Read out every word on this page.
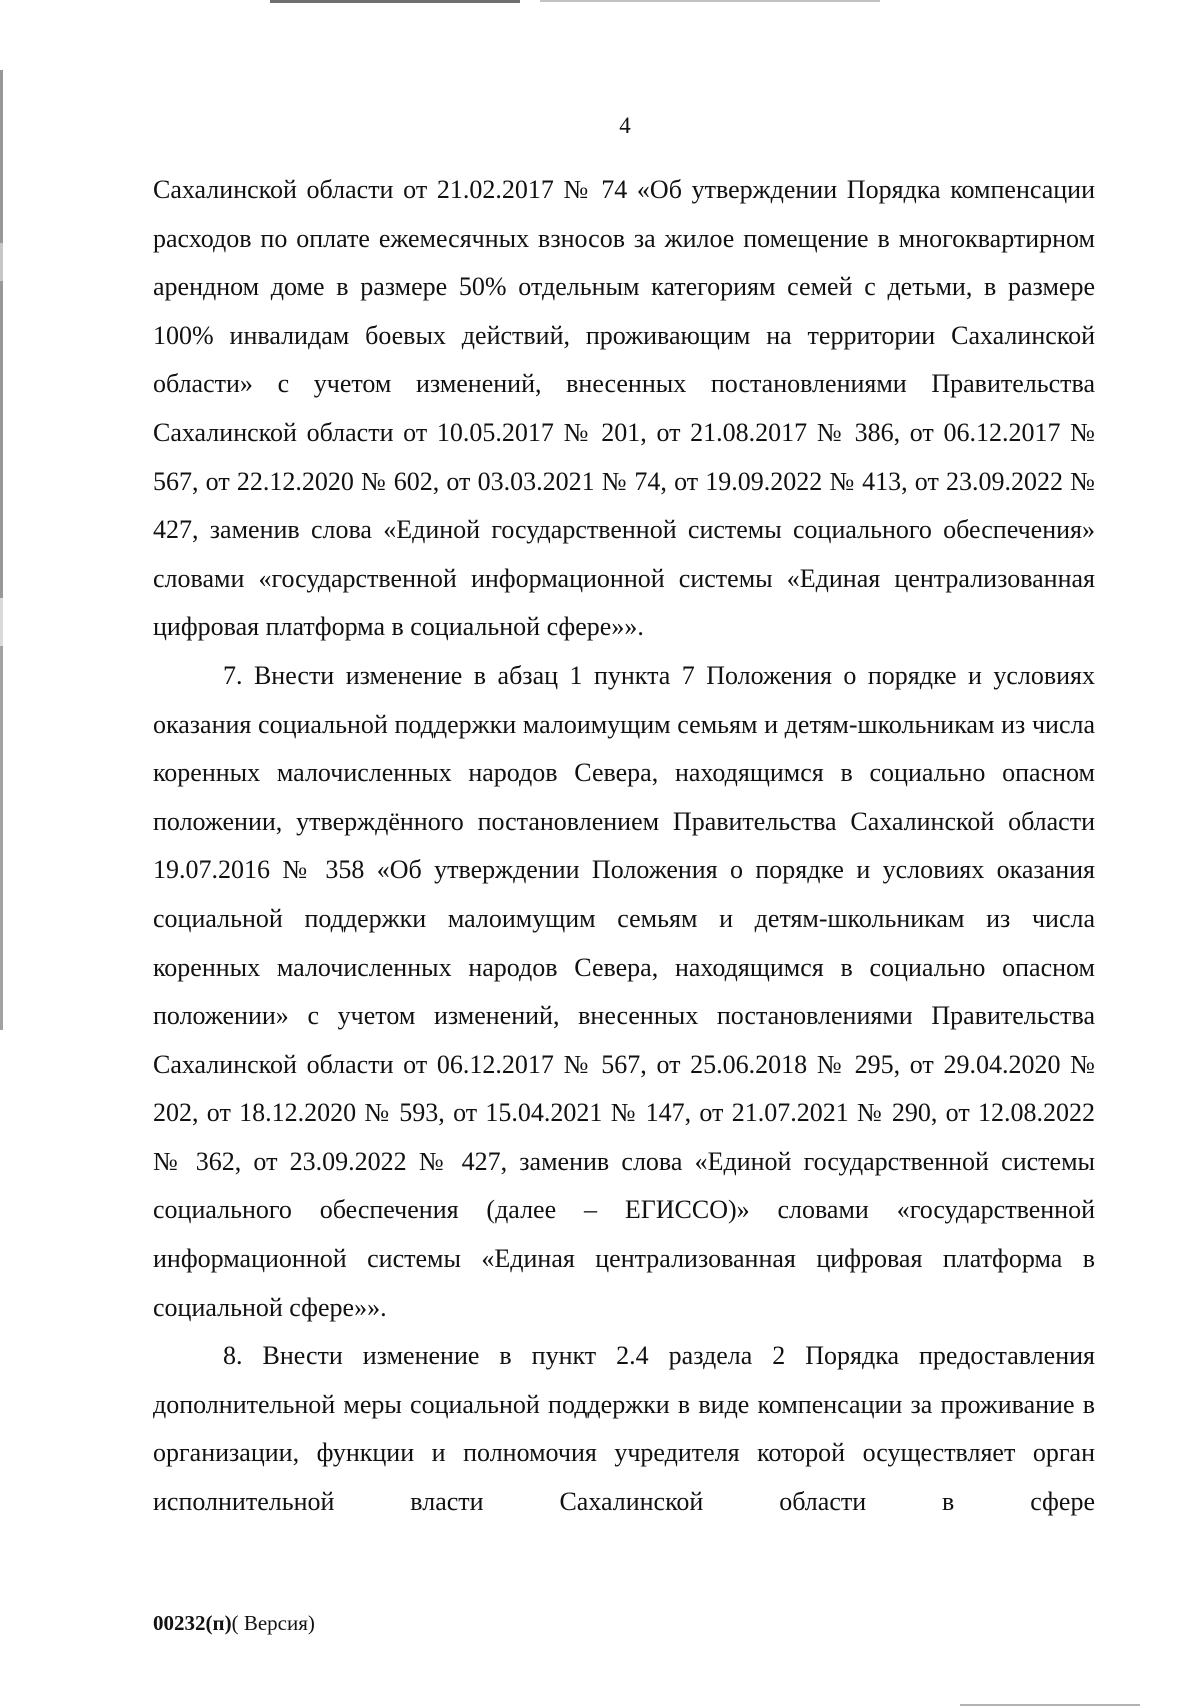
4

Сахалинской области от 21.02.2017 № 74 «Об утверждении Порядка компенсации расходов по оплате ежемесячных взносов за жилое помещение в многоквартирном арендном доме в размере 50% отдельным категориям семей с детьми, в размере 100% инвалидам боевых действий, проживающим на территории Сахалинской области» с учетом изменений, внесенных постановлениями Правительства Сахалинской области от 10.05.2017 № 201, от 21.08.2017 № 386, от 06.12.2017 № 567, от 22.12.2020 № 602, от 03.03.2021 № 74, от 19.09.2022 № 413, от 23.09.2022 № 427, заменив слова «Единой государственной системы социального обеспечения» словами «государственной информационной системы «Единая централизованная цифровая платформа в социальной сфере»».

7. Внести изменение в абзац 1 пункта 7 Положения о порядке и условиях оказания социальной поддержки малоимущим семьям и детям-школьникам из числа коренных малочисленных народов Севера, находящимся в социально опасном положении, утверждённого постановлением Правительства Сахалинской области 19.07.2016 № 358 «Об утверждении Положения о порядке и условиях оказания социальной поддержки малоимущим семьям и детям-школьникам из числа коренных малочисленных народов Севера, находящимся в социально опасном положении» с учетом изменений, внесенных постановлениями Правительства Сахалинской области от 06.12.2017 № 567, от 25.06.2018 № 295, от 29.04.2020 № 202, от 18.12.2020 № 593, от 15.04.2021 № 147, от 21.07.2021 № 290, от 12.08.2022 № 362, от 23.09.2022 № 427, заменив слова «Единой государственной системы социального обеспечения (далее – ЕГИССО)» словами «государственной информационной системы «Единая централизованная цифровая платформа в социальной сфере»».

8. Внести изменение в пункт 2.4 раздела 2 Порядка предоставления дополнительной меры социальной поддержки в виде компенсации за проживание в организации, функции и полномочия учредителя которой осуществляет орган исполнительной власти Сахалинской области в сфере

00232(п)( Версия)
